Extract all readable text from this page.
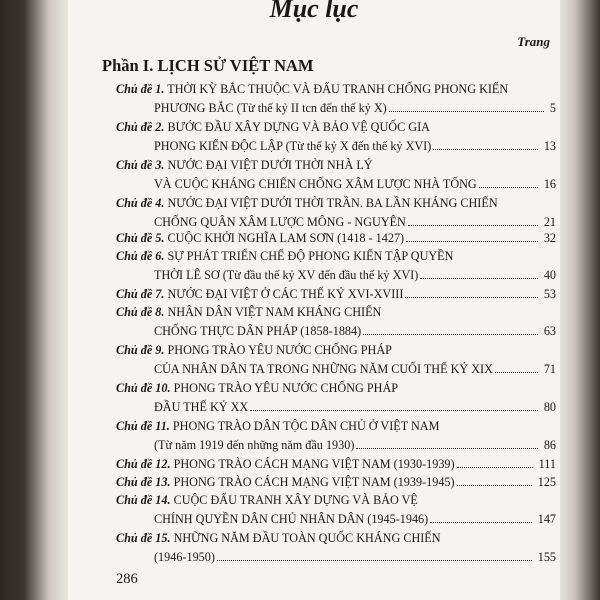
Mục lục
Trang
Phần I. LỊCH SỬ VIỆT NAM
Chủ đề 1. THỜI KỲ BẮC THUỘC VÀ ĐẤU TRANH CHỐNG PHONG KIẾN
PHƯƠNG BẮC (Từ thế kỷ II tcn đến thế kỷ X)	5
Chủ đề 2. BƯỚC ĐẦU XÂY DỰNG VÀ BẢO VỆ QUỐC GIA
PHONG KIẾN ĐỘC LẬP (Từ thế kỷ X đến thế kỷ XVI)	13
Chủ đề 3. NƯỚC ĐẠI VIỆT DƯỚI THỜI NHÀ LÝ
VÀ CUỘC KHÁNG CHIẾN CHỐNG XÂM LƯỢC NHÀ TỐNG	16
Chủ đề 4. NƯỚC ĐẠI VIỆT DƯỚI THỜI TRẦN. BA LẦN KHÁNG CHIẾN
CHỐNG QUÂN XÂM LƯỢC MÔNG - NGUYÊN	21
Chủ đề 5. CUỘC KHỞI NGHĨA LAM SƠN (1418 - 1427)	32
Chủ đề 6. SỰ PHÁT TRIỂN CHẾ ĐỘ PHONG KIẾN TẬP QUYỀN
THỜI LÊ SƠ (Từ đầu thế kỷ XV đến đầu thế kỷ XVI)	40
Chủ đề 7. NƯỚC ĐẠI VIỆT Ở CÁC THẾ KỶ XVI-XVIII	53
Chủ đề 8. NHÂN DÂN VIỆT NAM KHÁNG CHIẾN
CHỐNG THỰC DÂN PHÁP (1858-1884)	63
Chủ đề 9. PHONG TRÀO YÊU NƯỚC CHỐNG PHÁP
CỦA NHÂN DÂN TA TRONG NHỮNG NĂM CUỐI THẾ KỶ XIX	71
Chủ đề 10. PHONG TRÀO YÊU NƯỚC CHỐNG PHÁP
ĐẦU THẾ KỶ XX	80
Chủ đề 11. PHONG TRÀO DÂN TỘC DÂN CHỦ Ở VIỆT NAM
(Từ năm 1919 đến những năm đầu 1930)	86
Chủ đề 12. PHONG TRÀO CÁCH MẠNG VIỆT NAM (1930-1939)	111
Chủ đề 13. PHONG TRÀO CÁCH MẠNG VIỆT NAM (1939-1945)	125
Chủ đề 14. CUỘC ĐẤU TRANH XÂY DỰNG VÀ BẢO VỆ
CHÍNH QUYỀN DÂN CHỦ NHÂN DÂN (1945-1946)	147
Chủ đề 15. NHỮNG NĂM ĐẦU TOÀN QUỐC KHÁNG CHIẾN
(1946-1950)	155
286
